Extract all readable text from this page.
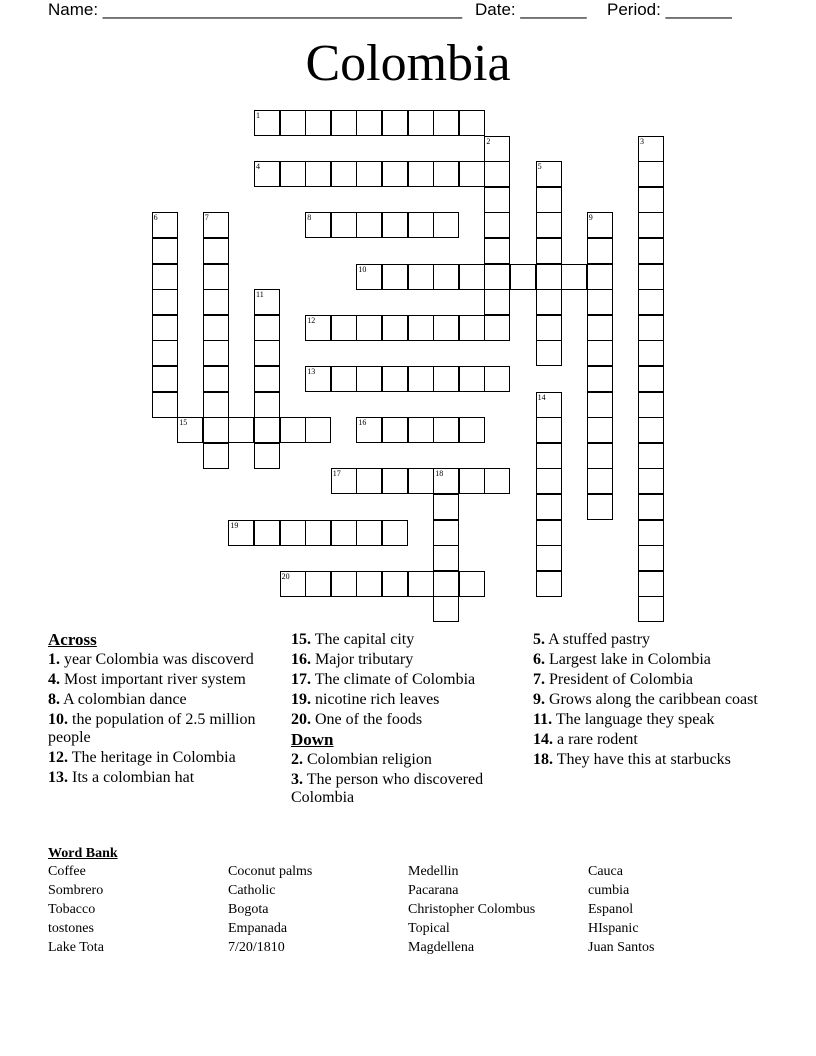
Name: ______________________________________ Date: _______ Period: _______
Colombia
1
4
8
10
12
13
15	16
17	18
19
20
2	3
5
6	7	9
11
14
Across
1. year Colombia was discoverd
4. Most important river system
8. A colombian dance
10. the population of 2.5 million people
12. The heritage in Colombia
13. Its a colombian hat
15. The capital city
16. Major tributary
17. The climate of Colombia
19. nicotine rich leaves
20. One of the foods
Down
2. Colombian religion
3. The person who discovered Colombia
5. A stuffed pastry
6. Largest lake in Colombia
7. President of Colombia
9. Grows along the caribbean coast
11. The language they speak
14. a rare rodent
18. They have this at starbucks
Word Bank
Coffee
Sombrero
Tobacco
tostones
Lake Tota
Coconut palms
Catholic
Bogota
Empanada
7/20/1810
Medellin
Pacarana
Christopher Colombus
Topical
Magdellena
Cauca
cumbia
Espanol
HIspanic
Juan Santos
